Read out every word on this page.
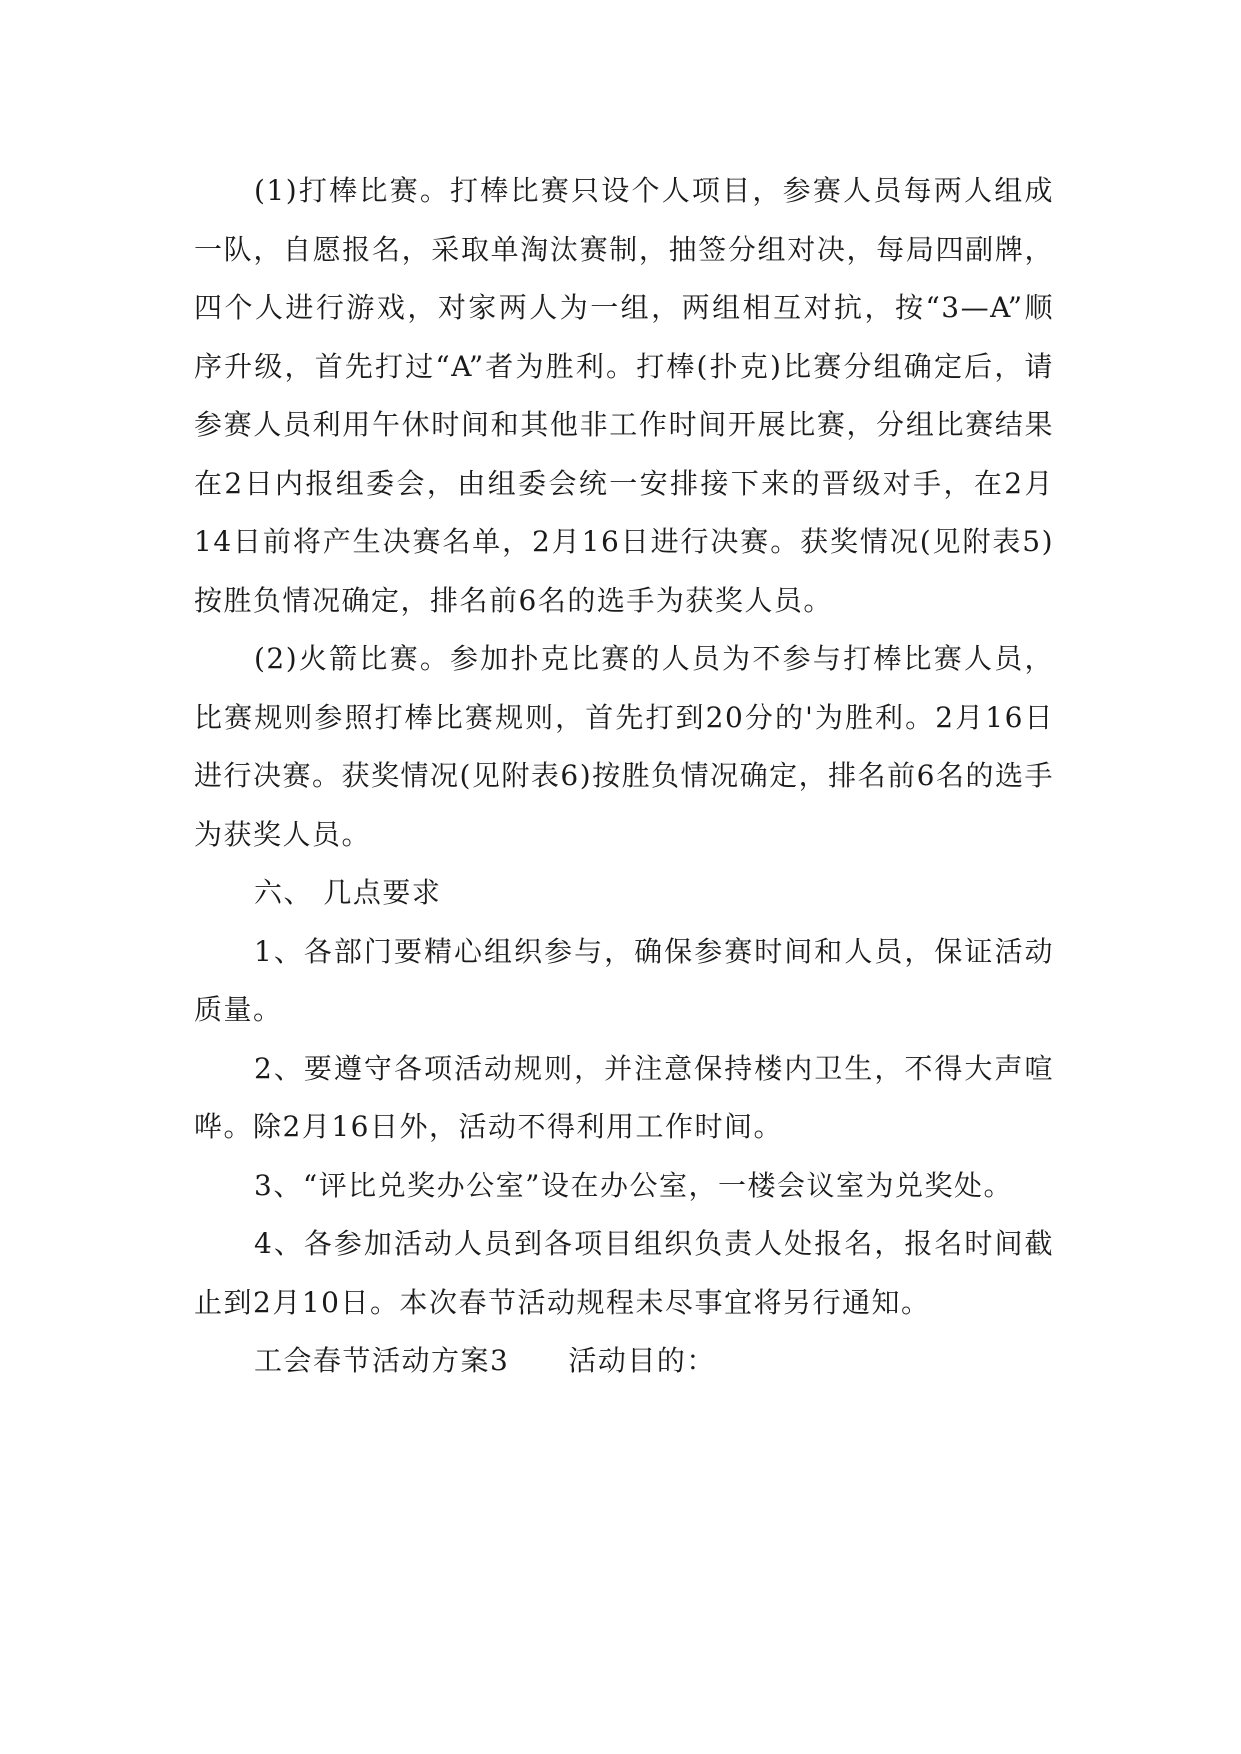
(1)打棒比赛。打棒比赛只设个人项目，参赛人员每两人组成一队，自愿报名，采取单淘汰赛制，抽签分组对决，每局四副牌，四个人进行游戏，对家两人为一组，两组相互对抗，按“3—A”顺序升级，首先打过“A”者为胜利。打棒(扑克)比赛分组确定后，请参赛人员利用午休时间和其他非工作时间开展比赛，分组比赛结果在2日内报组委会，由组委会统一安排接下来的晋级对手，在2月14日前将产生决赛名单，2月16日进行决赛。获奖情况(见附表5)按胜负情况确定，排名前6名的选手为获奖人员。

(2)火箭比赛。参加扑克比赛的人员为不参与打棒比赛人员，比赛规则参照打棒比赛规则，首先打到20分的'为胜利。2月16日进行决赛。获奖情况(见附表6)按胜负情况确定，排名前6名的选手为获奖人员。

六、 几点要求

1、各部门要精心组织参与，确保参赛时间和人员，保证活动质量。

2、要遵守各项活动规则，并注意保持楼内卫生，不得大声喧哗。除2月16日外，活动不得利用工作时间。

3、“评比兑奖办公室”设在办公室，一楼会议室为兑奖处。

4、各参加活动人员到各项目组织负责人处报名，报名时间截止到2月10日。本次春节活动规程未尽事宜将另行通知。

工会春节活动方案3　　活动目的：
